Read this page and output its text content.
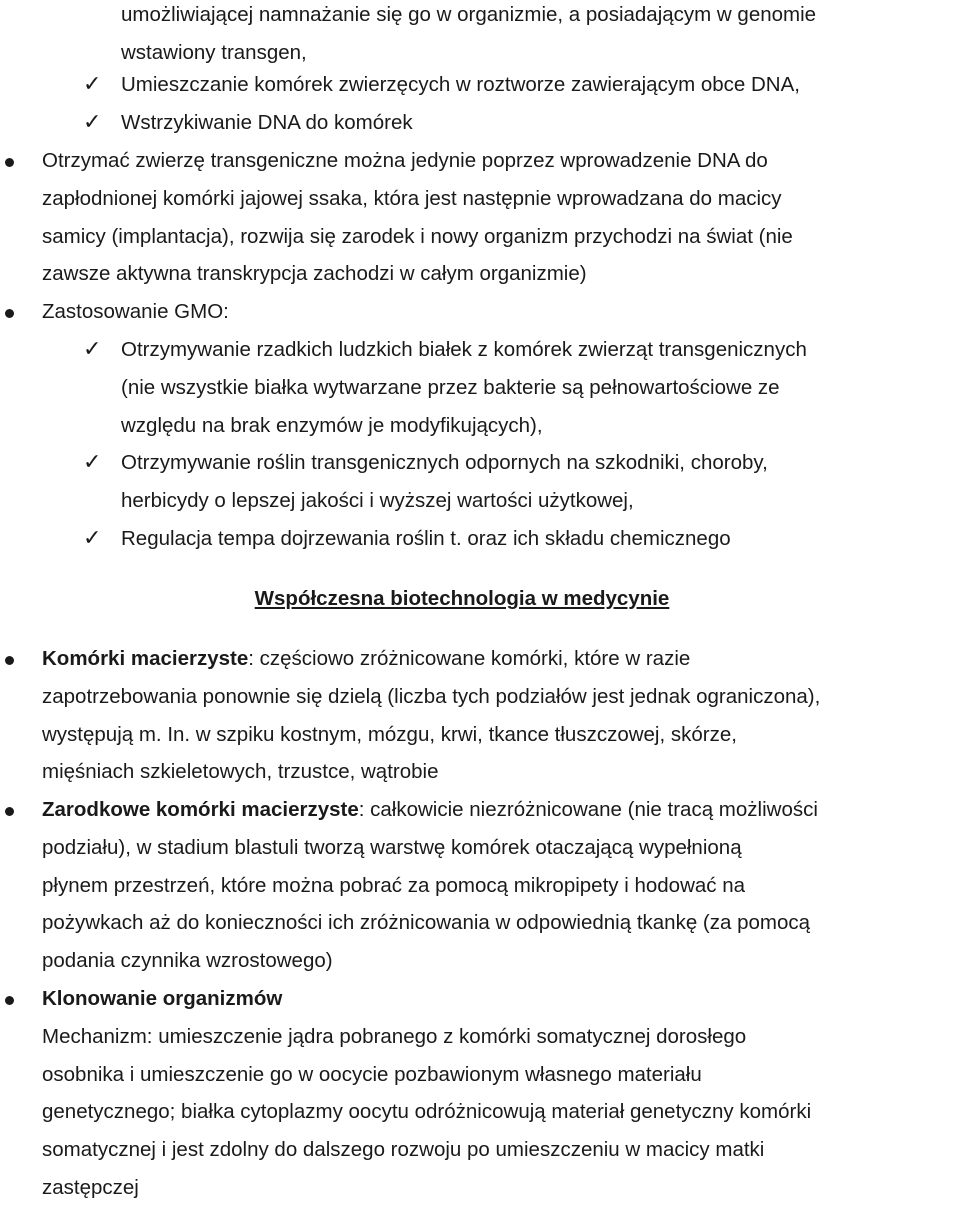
umożliwiającej namnażanie się go w organizmie, a posiadającym w genomie
wstawiony transgen,
✓ Umieszczanie komórek zwierzęcych w roztworze zawierającym obce DNA,
✓ Wstrzykiwanie DNA do komórek
Otrzymać zwierzę transgeniczne można jedynie poprzez wprowadzenie DNA do
zapłodnionej komórki jajowej ssaka, która jest następnie wprowadzana do macicy
samicy (implantacja), rozwija się zarodek i nowy organizm przychodzi na świat (nie
zawsze aktywna transkrypcja zachodzi w całym organizmie)
Zastosowanie GMO:
✓ Otrzymywanie rzadkich ludzkich białek z komórek zwierząt transgenicznych
(nie wszystkie białka wytwarzane przez bakterie są pełnowartościowe ze
względu na brak enzymów je modyfikujących),
✓ Otrzymywanie roślin transgenicznych odpornych na szkodniki, choroby,
herbicydy o lepszej jakości i wyższej wartości użytkowej,
✓ Regulacja tempa dojrzewania roślin t. oraz ich składu chemicznego
Współczesna biotechnologia w medycynie
Komórki macierzyste: częściowo zróżnicowane komórki, które w razie
zapotrzebowania ponownie się dzielą (liczba tych podziałów jest jednak ograniczona),
występują m. In. w szpiku kostnym, mózgu, krwi, tkance tłuszczowej, skórze,
mięśniach szkieletowych, trzustce, wątrobie
Zarodkowe komórki macierzyste: całkowicie niezróżnicowane (nie tracą możliwości
podziału), w stadium blastuli tworzą warstwę komórek otaczającą wypełnioną
płynem przestrzeń, które można pobrać za pomocą mikropipety i hodować na
pożywkach aż do konieczności ich zróżnicowania w odpowiednią tkankę (za pomocą
podania czynnika wzrostowego)
Klonowanie organizmów
Mechanizm: umieszczenie jądra pobranego z komórki somatycznej dorosłego
osobnika i umieszczenie go w oocycie pozbawionym własnego materiału
genetycznego; białka cytoplazmy oocytu odróżnicowują materiał genetyczny komórki
somatycznej i jest zdolny do dalszego rozwoju po umieszczeniu w macicy matki
zastępczej
